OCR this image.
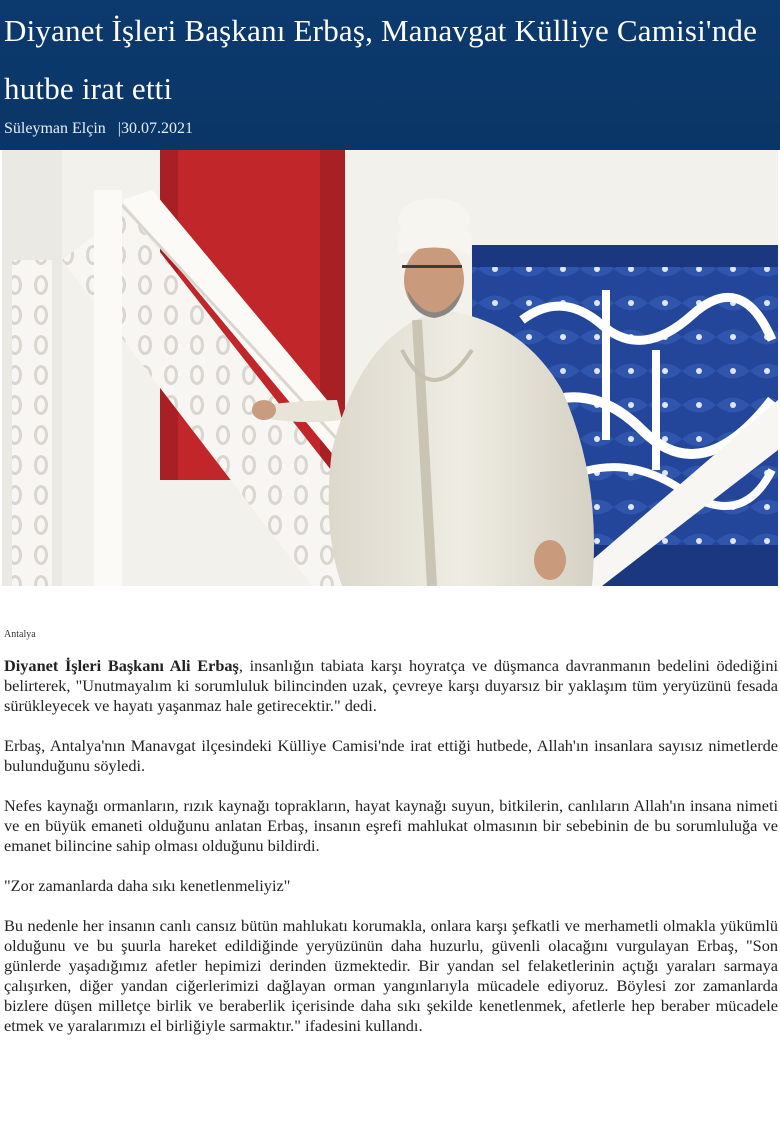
Diyanet İşleri Başkanı Erbaş, Manavgat Külliye Camisi'nde hutbe irat etti
Süleyman Elçin |30.07.2021
Antalya

Diyanet İşleri Başkanı Ali Erbaş, insanlığın tabiata karşı hoyratça ve düşmanca davranmanın bedelini ödediğini belirterek, "Unutmayalım ki sorumluluk bilincinden uzak, çevreye karşı duyarsız bir yaklaşım tüm yeryüzünü fesada sürükleyecek ve hayatı yaşanmaz hale getirecektir." dedi.

Erbaş, Antalya'nın Manavgat ilçesindeki Külliye Camisi'nde irat ettiği hutbede, Allah'ın insanlara sayısız nimetlerde bulunduğunu söyledi.

Nefes kaynağı ormanların, rızık kaynağı toprakların, hayat kaynağı suyun, bitkilerin, canlıların Allah'ın insana nimeti ve en büyük emaneti olduğunu anlatan Erbaş, insanın eşrefi mahlukat olmasının bir sebebinin de bu sorumluluğa ve emanet bilincine sahip olması olduğunu bildirdi.

"Zor zamanlarda daha sıkı kenetlenmeliyiz"

Bu nedenle her insanın canlı cansız bütün mahlukatı korumakla, onlara karşı şefkatli ve merhametli olmakla yükümlü olduğunu ve bu şuurla hareket edildiğinde yeryüzünün daha huzurlu, güvenli olacağını vurgulayan Erbaş, "Son günlerde yaşadığımız afetler hepimizi derinden üzmektedir. Bir yandan sel felaketlerinin açtığı yaraları sarmaya çalışırken, diğer yandan ciğerlerimizi dağlayan orman yangınlarıyla mücadele ediyoruz. Böylesi zor zamanlarda bizlere düşen milletçe birlik ve beraberlik içerisinde daha sıkı şekilde kenetlenmek, afetlerle hep beraber mücadele etmek ve yaralarımızı el birliğiyle sarmaktır." ifadesini kullandı.
